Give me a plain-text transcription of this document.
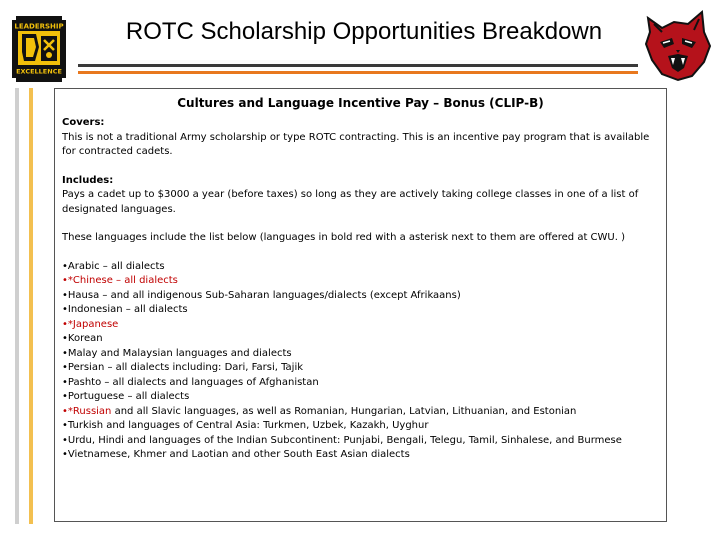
LEADERSHIP
EXCELLENCE
ROTC Scholarship Opportunities Breakdown
Cultures and Language Incentive Pay – Bonus (CLIP-B)
Covers:
This is not a traditional Army scholarship or type ROTC contracting. This is an incentive pay program that is available for contracted cadets.
Includes:
Pays a cadet up to $3000 a year (before taxes) so long as they are actively taking college classes in one of a list of designated languages.
These languages include the list below (languages in bold red with a asterisk next to them are offered at CWU. )
•Arabic – all dialects
•*Chinese – all dialects
•Hausa – and all indigenous Sub-Saharan languages/dialects (except Afrikaans)
•Indonesian – all dialects
•*Japanese
•Korean
•Malay and Malaysian languages and dialects
•Persian – all dialects including: Dari, Farsi, Tajik
•Pashto – all dialects and languages of Afghanistan
•Portuguese – all dialects
•*Russian and all Slavic languages, as well as Romanian, Hungarian, Latvian, Lithuanian, and Estonian
•Turkish and languages of Central Asia: Turkmen, Uzbek, Kazakh, Uyghur
•Urdu, Hindi and languages of the Indian Subcontinent: Punjabi, Bengali, Telegu, Tamil, Sinhalese, and Burmese
•Vietnamese, Khmer and Laotian and other South East Asian dialects
